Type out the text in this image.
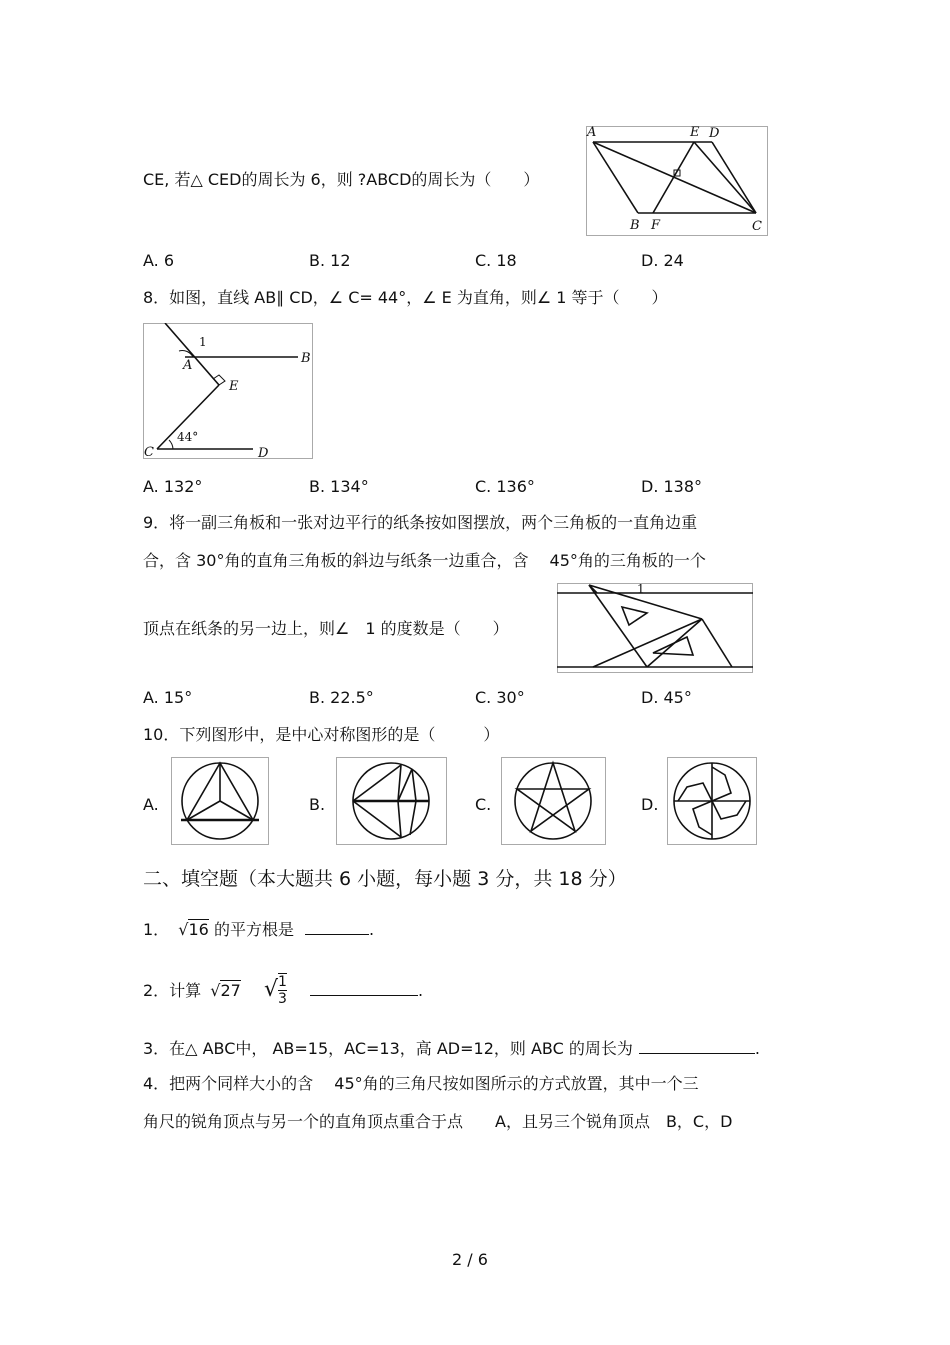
CE, 若△ CED的周长为 6，则 ?ABCD的周长为（　　）
A	E D
B F	C
A. 6	B. 12	C. 18	D. 24
8．如图，直线 AB∥ CD，∠ C= 44°，∠ E 为直角，则∠ 1 等于（　　）
1
A	B
E
C	D
44°
A. 132°	B. 134°	C. 136°	D. 138°
9．将一副三角板和一张对边平行的纸条按如图摆放，两个三角板的一直角边重
合，含 30°角的直角三角板的斜边与纸条一边重合，含　 45°角的三角板的一个
顶点在纸条的另一边上，则∠　1 的度数是（　　）
1
A. 15°	B. 22.5°	C. 30°	D. 45°
10．下列图形中，是中心对称图形的是（　　　）
A.	B.	C.	D.
二、填空题（本大题共 6 小题，每小题 3 分，共 18 分）
1． √16 的平方根是	.
2．计算 √27 √ $\frac{1}{3}$	.
3．在△ ABC中， AB=15，AC=13，高 AD=12，则 ABC 的周长为	.
4．把两个同样大小的含　 45°角的三角尺按如图所示的方式放置，其中一个三
角尺的锐角顶点与另一个的直角顶点重合于点　　A，且另三个锐角顶点　B，C，D
2 / 6
